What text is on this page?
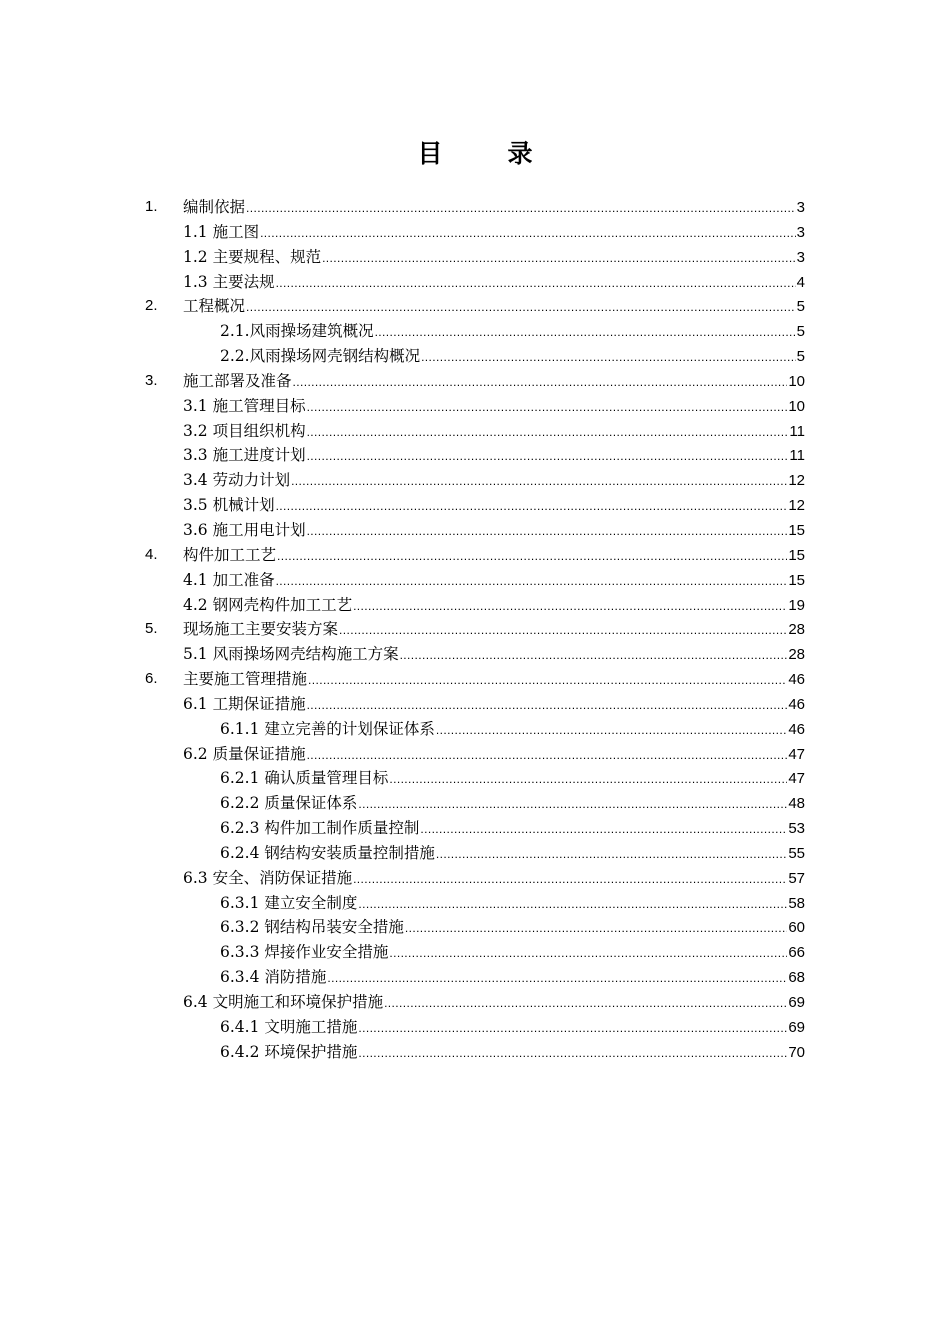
目　录
1. 编制依据 .....	3
1.1 施工图 .....	3
1.2 主要规程、规范 .....	3
1.3 主要法规 .....	4
2. 工程概况 .....	5
2.1.风雨操场建筑概况 .....	5
2.2.风雨操场网壳钢结构概况 .....	5
3. 施工部署及准备 .....	10
3.1 施工管理目标 .....	10
3.2 项目组织机构 .....	11
3.3 施工进度计划 .....	11
3.4 劳动力计划 .....	12
3.5 机械计划 .....	12
3.6 施工用电计划 .....	15
4. 构件加工工艺 .....	15
4.1 加工准备 .....	15
4.2 钢网壳构件加工工艺 .....	19
5. 现场施工主要安装方案 .....	28
5.1 风雨操场网壳结构施工方案 .....	28
6. 主要施工管理措施 .....	46
6.1 工期保证措施 .....	46
6.1.1 建立完善的计划保证体系 .....	46
6.2 质量保证措施 .....	47
6.2.1 确认质量管理目标 .....	47
6.2.2 质量保证体系 .....	48
6.2.3 构件加工制作质量控制 .....	53
6.2.4 钢结构安装质量控制措施 .....	55
6.3 安全、消防保证措施 .....	57
6.3.1 建立安全制度 .....	58
6.3.2 钢结构吊装安全措施 .....	60
6.3.3 焊接作业安全措施 .....	66
6.3.4 消防措施 .....	68
6.4 文明施工和环境保护措施 .....	69
6.4.1 文明施工措施 .....	69
6.4.2 环境保护措施 .....	70
